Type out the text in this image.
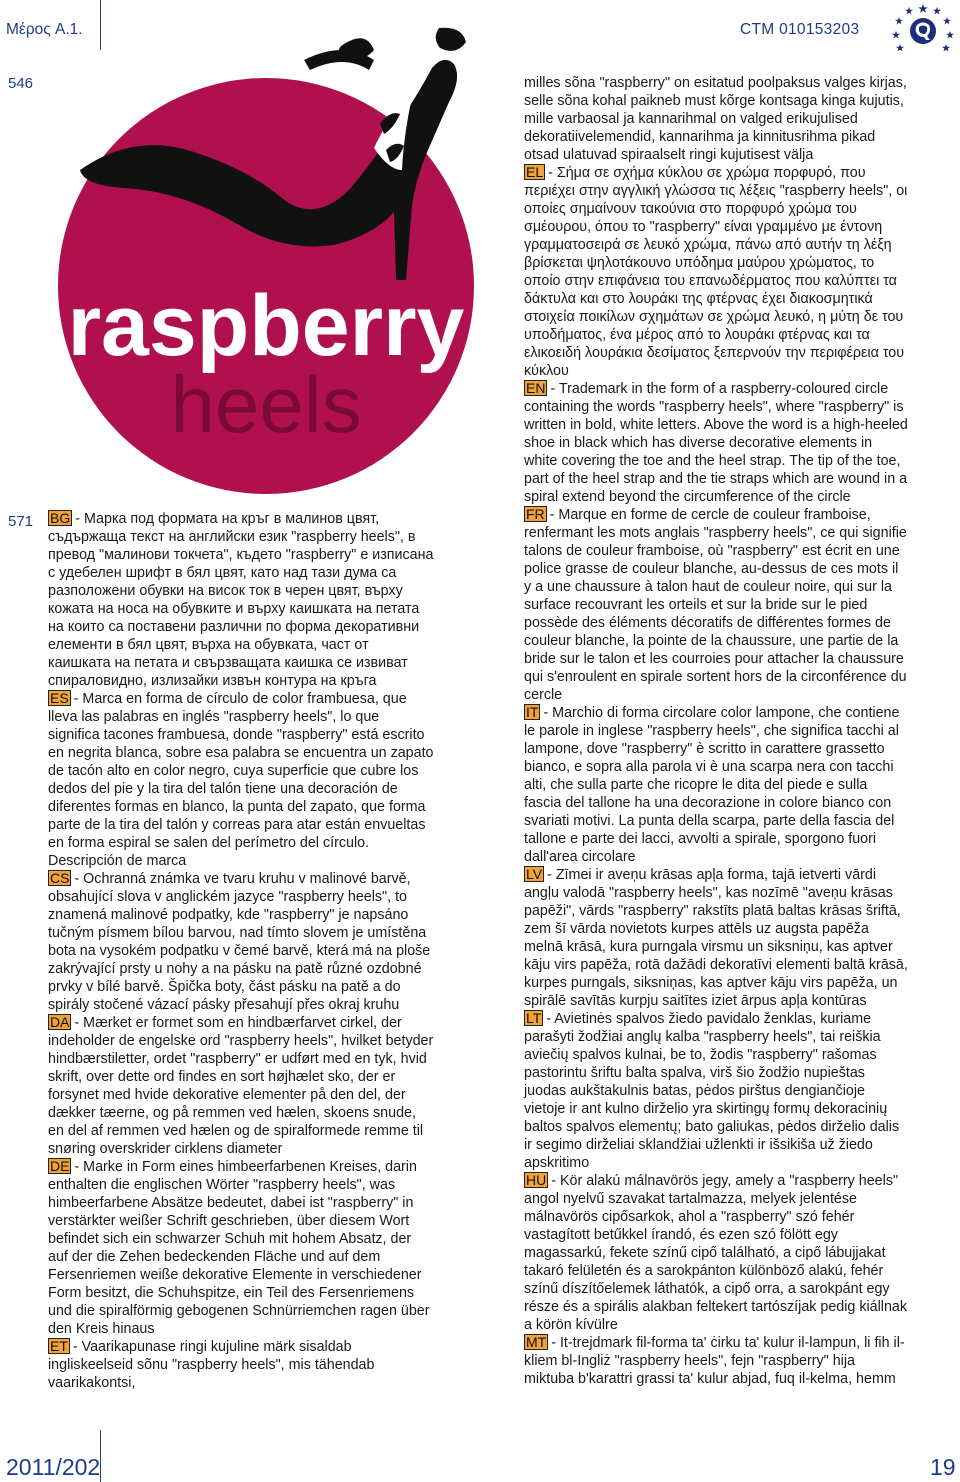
Μέρος A.1.	CTM 010153203
546
571
raspberry
heels

BG - Марка под формата на кръг в малинов цвят, съдържаща текст на английски език "raspberry heels", в превод "малинови токчета", където "raspberry" е изписана с удебелен шрифт в бял цвят, като над тази дума са разположени обувки на висок ток в черен цвят, върху кожата на носа на обувките и върху каишката на петата на които са поставени различни по форма декоративни елементи в бял цвят, върха на обувката, част от каишката на петата и свързващата каишка се извиват спираловидно, излизайки извън контура на кръга

ES - Marca en forma de círculo de color frambuesa, que lleva las palabras en inglés "raspberry heels", lo que significa tacones frambuesa, donde "raspberry" está escrito en negrita blanca, sobre esa palabra se encuentra un zapato de tacón alto en color negro, cuya superficie que cubre los dedos del pie y la tira del talón tiene una decoración de diferentes formas en blanco, la punta del zapato, que forma parte de la tira del talón y correas para atar están envueltas en forma espiral se salen del perímetro del círculo. Descripción de marca

CS - Ochranná známka ve tvaru kruhu v malinové barvě, obsahující slova v anglickém jazyce "raspberry heels", to znamená malinové podpatky, kde "raspberry" je napsáno tučným písmem bílou barvou, nad tímto slovem je umístěna bota na vysokém podpatku v čemé barvě, která má na ploše zakrývající prsty u nohy a na pásku na patě různé ozdobné prvky v bílé barvě. Špička boty, část pásku na patě a do spirály stočené vázací pásky přesahují přes okraj kruhu

DA - Mærket er formet som en hindbærfarvet cirkel, der indeholder de engelske ord "raspberry heels", hvilket betyder hindbærstiletter, ordet "raspberry" er udført med en tyk, hvid skrift, over dette ord findes en sort højhælet sko, der er forsynet med hvide dekorative elementer på den del, der dækker tæerne, og på remmen ved hælen, skoens snude, en del af remmen ved hælen og de spiralformede remme til snøring overskrider cirklens diameter

DE - Marke in Form eines himbeerfarbenen Kreises, darin enthalten die englischen Wörter "raspberry heels", was himbeerfarbene Absätze bedeutet, dabei ist "raspberry" in verstärkter weißer Schrift geschrieben, über diesem Wort befindet sich ein schwarzer Schuh mit hohem Absatz, der auf der die Zehen bedeckenden Fläche und auf dem Fersenriemen weiße dekorative Elemente in verschiedener Form besitzt, die Schuhspitze, ein Teil des Fersenriemens und die spiralförmig gebogenen Schnürriemchen ragen über den Kreis hinaus

ET - Vaarikapunase ringi kujuline märk sisaldab ingliskeelseid sõnu "raspberry heels", mis tähendab vaarikakontsi,

milles sõna "raspberry" on esitatud poolpaksus valges kirjas, selle sõna kohal paikneb must kõrge kontsaga kinga kujutis, mille varbaosal ja kannarihmal on valged erikujulised dekoratiivelemendid, kannarihma ja kinnitusrihma pikad otsad ulatuvad spiraalselt ringi kujutisest välja

EL - Σήμα σε σχήμα κύκλου σε χρώμα πορφυρό, που περιέχει στην αγγλική γλώσσα τις λέξεις "raspberry heels", οι οποίες σημαίνουν τακούνια στο πορφυρό χρώμα του σμέουρου, όπου το "raspberry" είναι γραμμένο με έντονη γραμματοσειρά σε λευκό χρώμα, πάνω από αυτήν τη λέξη βρίσκεται ψηλοτάκουνο υπόδημα μαύρου χρώματος, το οποίο στην επιφάνεια του επανωδέρματος που καλύπτει τα δάκτυλα και στο λουράκι της φτέρνας έχει διακοσμητικά στοιχεία ποικίλων σχημάτων σε χρώμα λευκό, η μύτη δε του υποδήματος, ένα μέρος από το λουράκι φτέρνας και τα ελικοειδή λουράκια δεσίματος ξεπερνούν την περιφέρεια του κύκλου

EN - Trademark in the form of a raspberry-coloured circle containing the words "raspberry heels", where "raspberry" is written in bold, white letters. Above the word is a high-heeled shoe in black which has diverse decorative elements in white covering the toe and the heel strap. The tip of the toe, part of the heel strap and the tie straps which are wound in a spiral extend beyond the circumference of the circle

FR - Marque en forme de cercle de couleur framboise, renfermant les mots anglais "raspberry heels", ce qui signifie talons de couleur framboise, où "raspberry" est écrit en une police grasse de couleur blanche, au-dessus de ces mots il y a une chaussure à talon haut de couleur noire, qui sur la surface recouvrant les orteils et sur la bride sur le pied possède des éléments décoratifs de différentes formes de couleur blanche, la pointe de la chaussure, une partie de la bride sur le talon et les courroies pour attacher la chaussure qui s'enroulent en spirale sortent hors de la circonférence du cercle

IT - Marchio di forma circolare color lampone, che contiene le parole in inglese "raspberry heels", che significa tacchi al lampone, dove "raspberry" è scritto in carattere grassetto bianco, e sopra alla parola vi è una scarpa nera con tacchi alti, che sulla parte che ricopre le dita del piede e sulla fascia del tallone ha una decorazione in colore bianco con svariati motivi. La punta della scarpa, parte della fascia del tallone e parte dei lacci, avvolti a spirale, sporgono fuori dall'area circolare

LV - Zīmei ir aveņu krāsas apļa forma, tajā ietverti vārdi angļu valodā "raspberry heels", kas nozīmē "aveņu krāsas papēži", vārds "raspberry" rakstīts platā baltas krāsas šriftā, zem šī vārda novietots kurpes attēls uz augsta papēža melnā krāsā, kura purngala virsmu un siksniņu, kas aptver kāju virs papēža, rotā dažādi dekoratīvi elementi baltā krāsā, kurpes purngals, siksniņas, kas aptver kāju virs papēža, un spirālē savītās kurpju saitītes iziet ārpus apļa kontūras

LT - Avietinės spalvos žiedo pavidalo ženklas, kuriame parašyti žodžiai anglų kalba "raspberry heels", tai reiškia aviečių spalvos kulnai, be to, žodis "raspberry" rašomas pastorintu šriftu balta spalva, virš šio žodžio nupieštas juodas aukštakulnis batas, pėdos pirštus dengiančioje vietoje ir ant kulno dirželio yra skirtingų formų dekoracinių baltos spalvos elementų; bato galiukas, pėdos dirželio dalis ir segimo dirželiai sklandžiai užlenkti ir išsikiša už žiedo apskritimo

HU - Kör alakú málnavörös jegy, amely a "raspberry heels" angol nyelvű szavakat tartalmazza, melyek jelentése málnavörös cipősarkok, ahol a "raspberry" szó fehér vastagított betűkkel írandó, és ezen szó fölött egy magassarkú, fekete színű cipő található, a cipő lábujjakat takaró felületén és a sarokpánton különböző alakú, fehér színű díszítőelemek láthatók, a cipő orra, a sarokpánt egy része és a spirális alakban feltekert tartószíjak pedig kiállnak a körön kívülre

MT - It-trejdmark fil-forma ta' ċirku ta' kulur il-lampun, li fih il-kliem bl-Ingliż "raspberry heels", fejn "raspberry" hija miktuba b'karattri grassi ta' kulur abjad, fuq il-kelma, hemm

2011/202	19
